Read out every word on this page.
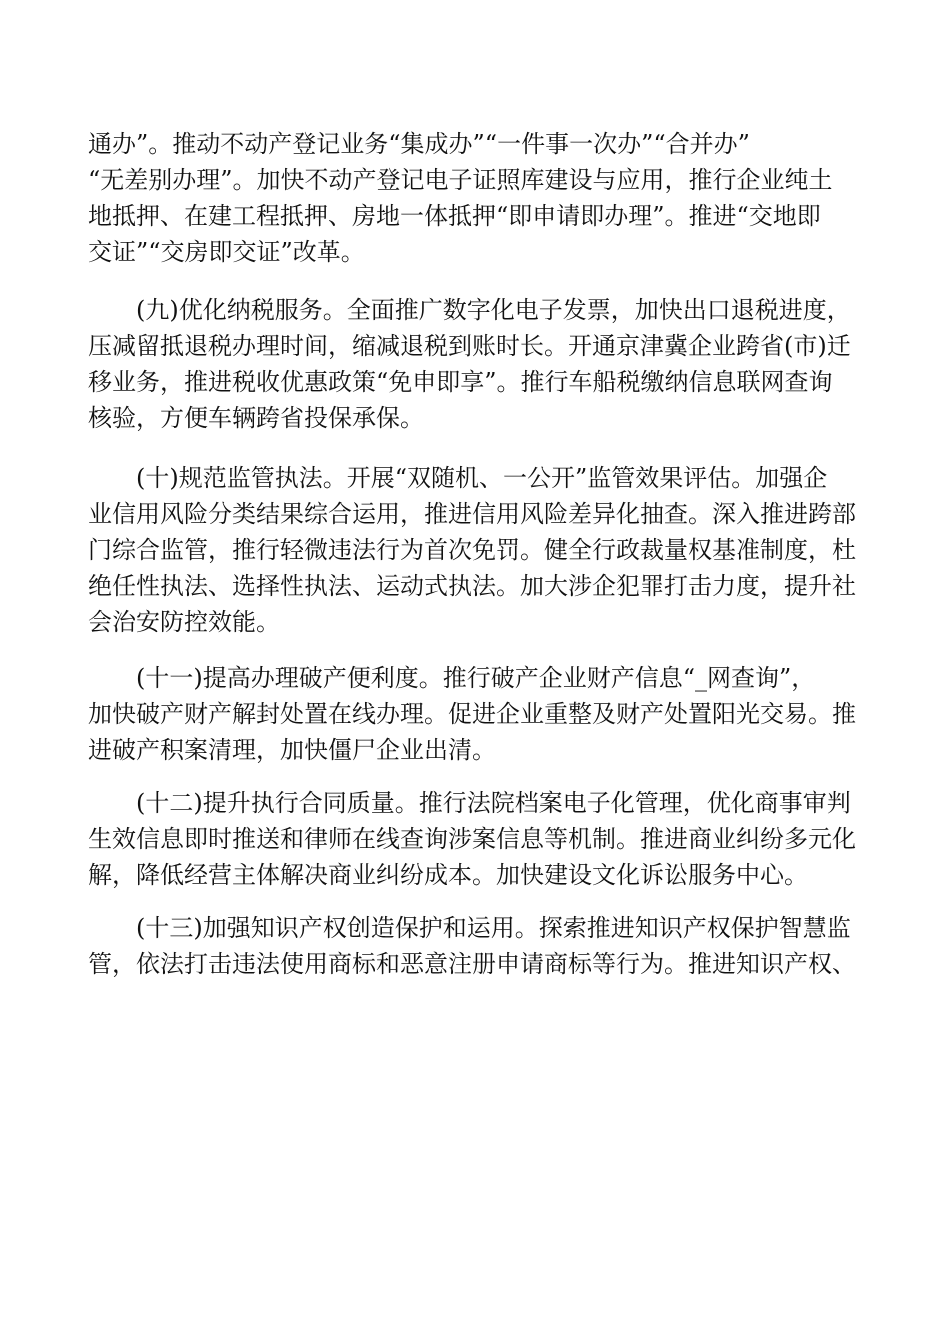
通办”。推动不动产登记业务“集成办”“一件事一次办”“合并办”
“无差别办理”。加快不动产登记电子证照库建设与应用，推行企业纯土
地抵押、在建工程抵押、房地一体抵押“即申请即办理”。推进“交地即
交证”“交房即交证”改革。
　　(九)优化纳税服务。全面推广数字化电子发票，加快出口退税进度，
压减留抵退税办理时间，缩减退税到账时长。开通京津冀企业跨省(市)迁
移业务，推进税收优惠政策“免申即享”。推行车船税缴纳信息联网查询
核验，方便车辆跨省投保承保。
　　(十)规范监管执法。开展“双随机、一公开”监管效果评估。加强企
业信用风险分类结果综合运用，推进信用风险差异化抽查。深入推进跨部
门综合监管，推行轻微违法行为首次免罚。健全行政裁量权基准制度，杜
绝任性执法、选择性执法、运动式执法。加大涉企犯罪打击力度，提升社
会治安防控效能。
　　(十一)提高办理破产便利度。推行破产企业财产信息“_网查询”，
加快破产财产解封处置在线办理。促进企业重整及财产处置阳光交易。推
进破产积案清理，加快僵尸企业出清。
　　(十二)提升执行合同质量。推行法院档案电子化管理，优化商事审判
生效信息即时推送和律师在线查询涉案信息等机制。推进商业纠纷多元化
解，降低经营主体解决商业纠纷成本。加快建设文化诉讼服务中心。
　　(十三)加强知识产权创造保护和运用。探索推进知识产权保护智慧监
管，依法打击违法使用商标和恶意注册申请商标等行为。推进知识产权、
